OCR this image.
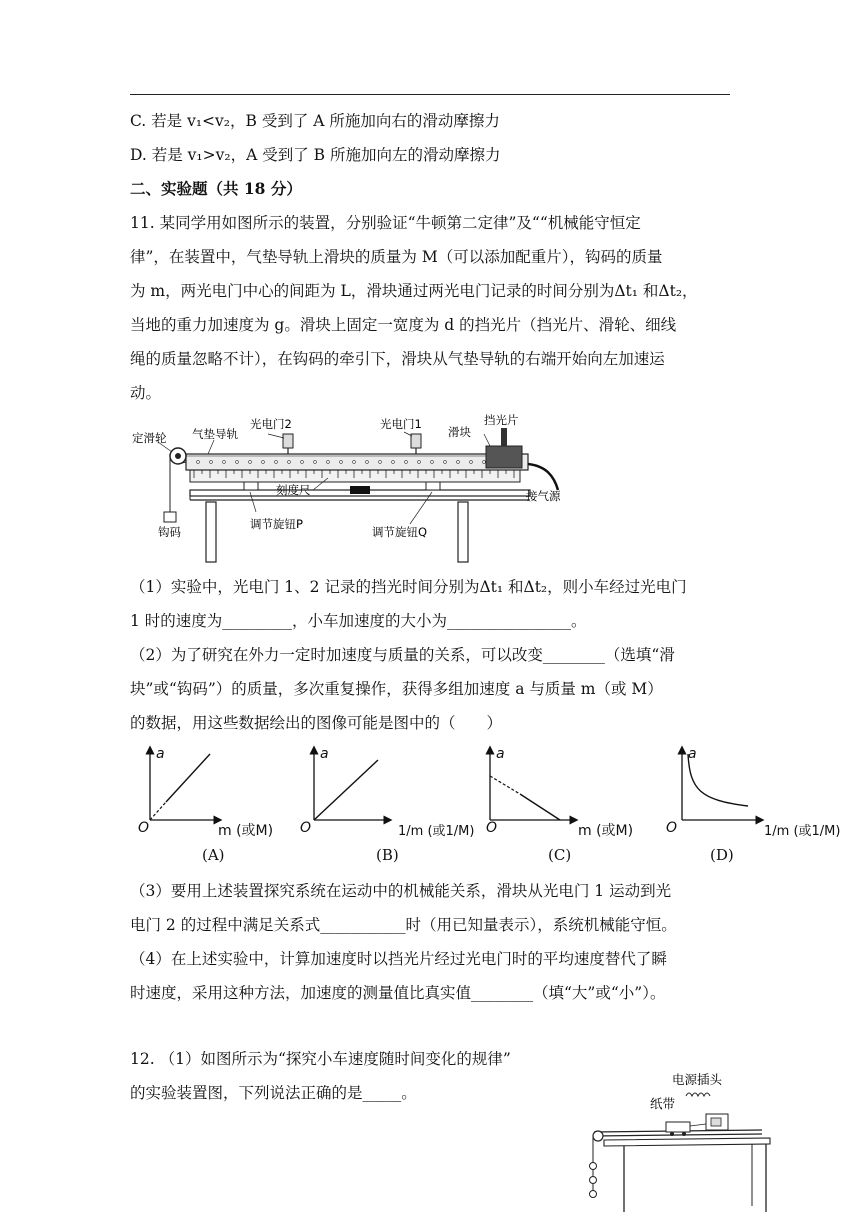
C. 若是 v₁<v₂，B 受到了 A 所施加向右的滑动摩擦力
D. 若是 v₁>v₂，A 受到了 B 所施加向左的滑动摩擦力
二、实验题（共 18 分）
11. 某同学用如图所示的装置，分别验证“牛顿第二定律”及““机械能守恒定
律”，在装置中，气垫导轨上滑块的质量为 M（可以添加配重片），钩码的质量
为 m，两光电门中心的间距为 L，滑块通过两光电门记录的时间分别为Δt₁ 和Δt₂，
当地的重力加速度为 g。滑块上固定一宽度为 d 的挡光片（挡光片、滑轮、细线
绳的质量忽略不计），在钩码的牵引下，滑块从气垫导轨的右端开始向左加速运
动。
定滑轮 气垫导轨
光电门2	光电门1
滑块
挡光片
刻度尺	接气源
钩码
调节旋钮P
调节旋钮Q
（1）实验中，光电门 1、2 记录的挡光时间分别为Δt₁ 和Δt₂，则小车经过光电门
1 时的速度为_________，小车加速度的大小为________________。
（2）为了研究在外力一定时加速度与质量的关系，可以改变________（选填“滑
块”或“钩码”）的质量，多次重复操作，获得多组加速度 a 与质量 m（或 M）
的数据，用这些数据绘出的图像可能是图中的（　　）
a
O	m (或M)
(A)
a
O	1/m (或1/M)
(B)
a
O	m (或M)
(C)
a
O	1/m (或1/M)
(D)
（3）要用上述装置探究系统在运动中的机械能关系，滑块从光电门 1 运动到光
电门 2 的过程中满足关系式___________时（用已知量表示），系统机械能守恒。
（4）在上述实验中，计算加速度时以挡光片经过光电门时的平均速度替代了瞬
时速度，采用这种方法，加速度的测量值比真实值________（填“大”或“小”）。
12. （1）如图所示为“探究小车速度随时间变化的规律”
的实验装置图，下列说法正确的是_____。
电源插头
纸带
